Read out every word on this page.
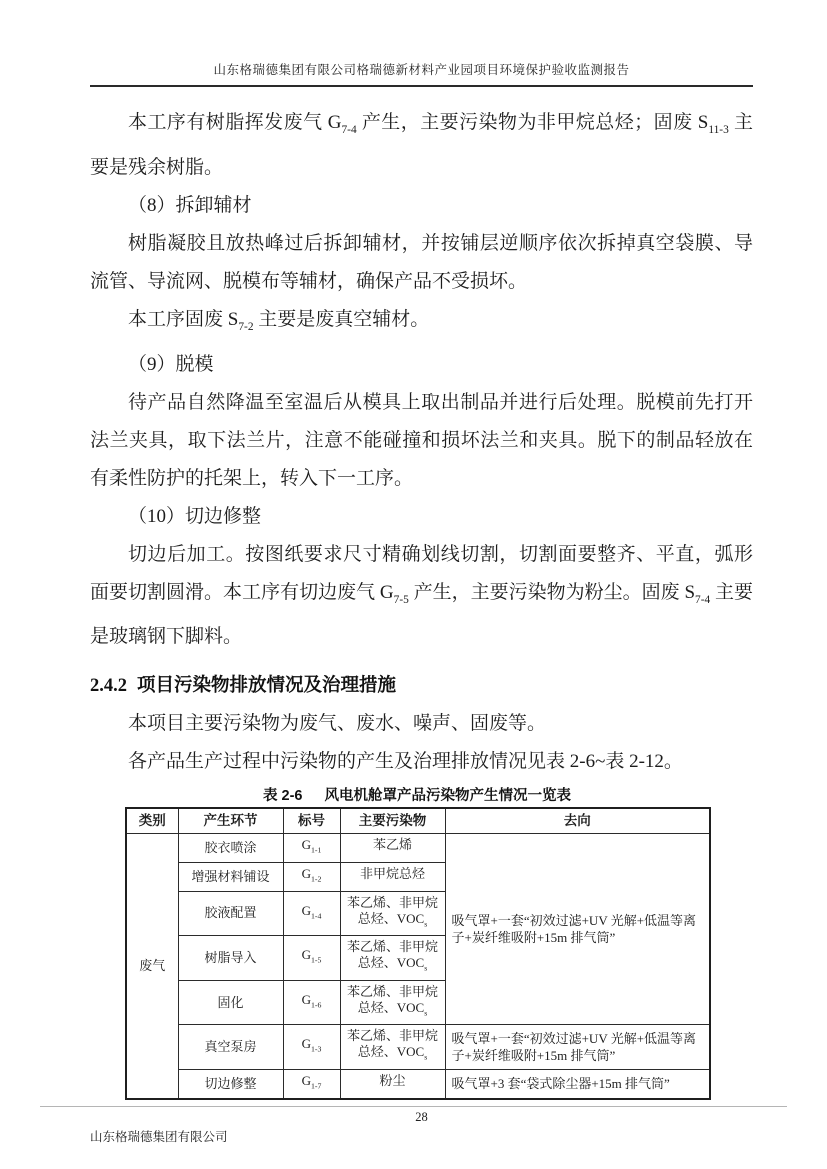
山东格瑞德集团有限公司格瑞德新材料产业园项目环境保护验收监测报告

本工序有树脂挥发废气 $G_{7-4}$ 产生，主要污染物为非甲烷总烃；固废 $S_{11-3}$ 主要是残余树脂。

（8）拆卸辅材

树脂凝胶且放热峰过后拆卸辅材，并按铺层逆顺序依次拆掉真空袋膜、导流管、导流网、脱模布等辅材，确保产品不受损坏。

本工序固废 $S_{7-2}$ 主要是废真空辅材。

（9）脱模

待产品自然降温至室温后从模具上取出制品并进行后处理。脱模前先打开法兰夹具，取下法兰片，注意不能碰撞和损坏法兰和夹具。脱下的制品轻放在有柔性防护的托架上，转入下一工序。

（10）切边修整

切边后加工。按图纸要求尺寸精确划线切割，切割面要整齐、平直，弧形面要切割圆滑。本工序有切边废气 $G_{7-5}$ 产生，主要污染物为粉尘。固废 $S_{7-4}$ 主要是玻璃钢下脚料。

2.4.2 项目污染物排放情况及治理措施

本项目主要污染物为废气、废水、噪声、固废等。

各产品生产过程中污染物的产生及治理排放情况见表 2-6~表 2-12。

表 2-6 风电机舱罩产品污染物产生情况一览表
类别	产生环节	标号	主要污染物	去向
废气	胶衣喷涂	$G_{1-1}$	苯乙烯	吸气罩+一套“初效过滤+UV 光解+低温等离子+炭纤维吸附+15m 排气筒”
	增强材料铺设	$G_{1-2}$	非甲烷总烃	
	胶液配置	$G_{1-4}$	苯乙烯、非甲烷总烃、$VOC_s$
	树脂导入	$G_{1-5}$	苯乙烯、非甲烷总烃、$VOC_s$
	固化	$G_{1-6}$	苯乙烯、非甲烷总烃、$VOC_s$
	真空泵房	$G_{1-3}$	苯乙烯、非甲烷总烃、$VOC_s$	吸气罩+一套“初效过滤+UV 光解+低温等离子+炭纤维吸附+15m 排气筒”
	切边修整	$G_{1-7}$	粉尘	吸气罩+3 套“袋式除尘器+15m 排气筒”
28
山东格瑞德集团有限公司
